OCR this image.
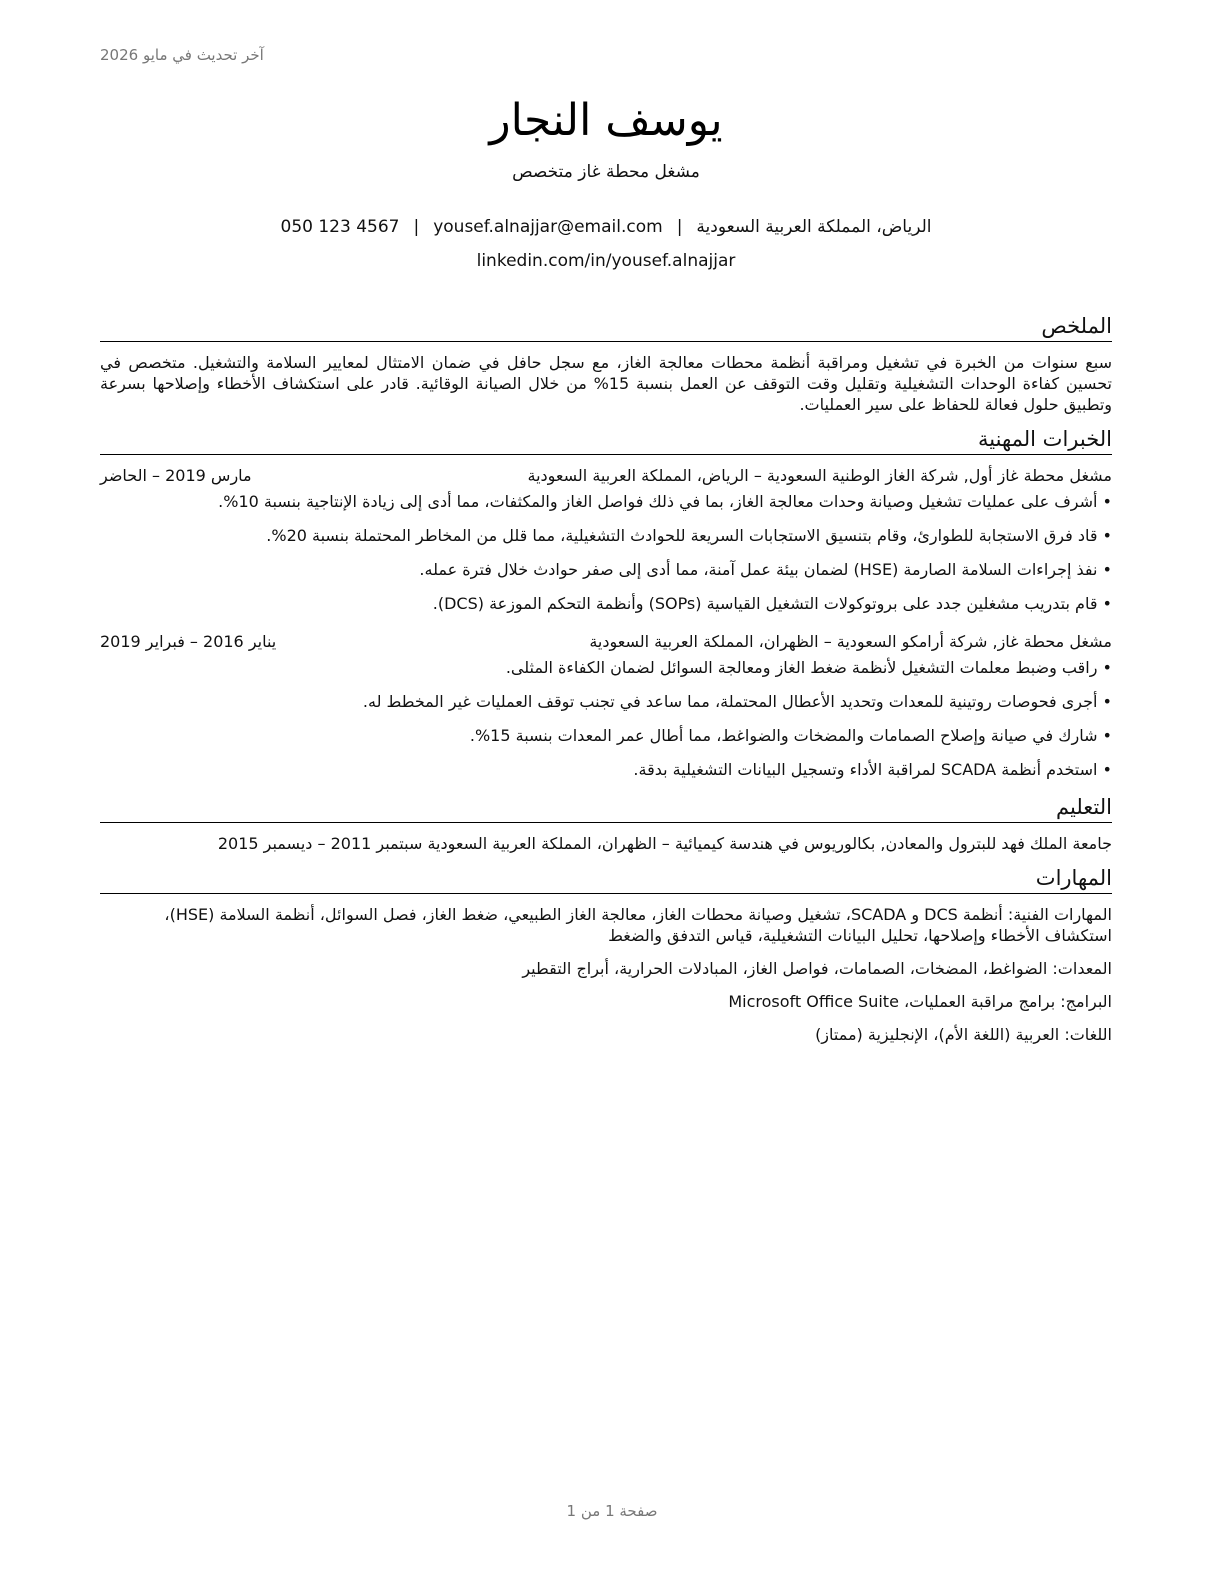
آخر تحديث في مايو 2026
يوسف النجار
مشغل محطة غاز متخصص
الرياض، المملكة العربية السعودية|yousef.alnajjar@email.com|050 123 4567
linkedin.com/in/yousef.alnajjar
الملخص
سبع سنوات من الخبرة في تشغيل ومراقبة أنظمة محطات معالجة الغاز، مع سجل حافل في ضمان الامتثال لمعايير السلامة والتشغيل. متخصص في تحسين كفاءة الوحدات التشغيلية وتقليل وقت التوقف عن العمل بنسبة 15% من خلال الصيانة الوقائية. قادر على استكشاف الأخطاء وإصلاحها بسرعة وتطبيق حلول فعالة للحفاظ على سير العمليات.
الخبرات المهنية
مشغل محطة غاز أول, شركة الغاز الوطنية السعودية – الرياض، المملكة العربية السعودية
مارس 2019 – الحاضر
• أشرف على عمليات تشغيل وصيانة وحدات معالجة الغاز، بما في ذلك فواصل الغاز والمكثفات، مما أدى إلى زيادة الإنتاجية بنسبة 10%.
• قاد فرق الاستجابة للطوارئ، وقام بتنسيق الاستجابات السريعة للحوادث التشغيلية، مما قلل من المخاطر المحتملة بنسبة 20%.
• نفذ إجراءات السلامة الصارمة (HSE) لضمان بيئة عمل آمنة، مما أدى إلى صفر حوادث خلال فترة عمله.
• قام بتدريب مشغلين جدد على بروتوكولات التشغيل القياسية (SOPs) وأنظمة التحكم الموزعة (DCS).
مشغل محطة غاز, شركة أرامكو السعودية – الظهران، المملكة العربية السعودية
يناير 2016 – فبراير 2019
• راقب وضبط معلمات التشغيل لأنظمة ضغط الغاز ومعالجة السوائل لضمان الكفاءة المثلى.
• أجرى فحوصات روتينية للمعدات وتحديد الأعطال المحتملة، مما ساعد في تجنب توقف العمليات غير المخطط له.
• شارك في صيانة وإصلاح الصمامات والمضخات والضواغط، مما أطال عمر المعدات بنسبة 15%.
• استخدم أنظمة SCADA لمراقبة الأداء وتسجيل البيانات التشغيلية بدقة.
التعليم
جامعة الملك فهد للبترول والمعادن, بكالوريوس في هندسة كيميائية – الظهران، المملكة العربية السعودية سبتمبر 2011 – ديسمبر 2015
المهارات
المهارات الفنية: أنظمة DCS و SCADA، تشغيل وصيانة محطات الغاز، معالجة الغاز الطبيعي، ضغط الغاز، فصل السوائل، أنظمة السلامة (HSE)، استكشاف الأخطاء وإصلاحها، تحليل البيانات التشغيلية، قياس التدفق والضغط
المعدات: الضواغط، المضخات، الصمامات، فواصل الغاز، المبادلات الحرارية، أبراج التقطير
البرامج: برامج مراقبة العمليات، Microsoft Office Suite
اللغات: العربية (اللغة الأم)، الإنجليزية (ممتاز)
صفحة 1 من 1
